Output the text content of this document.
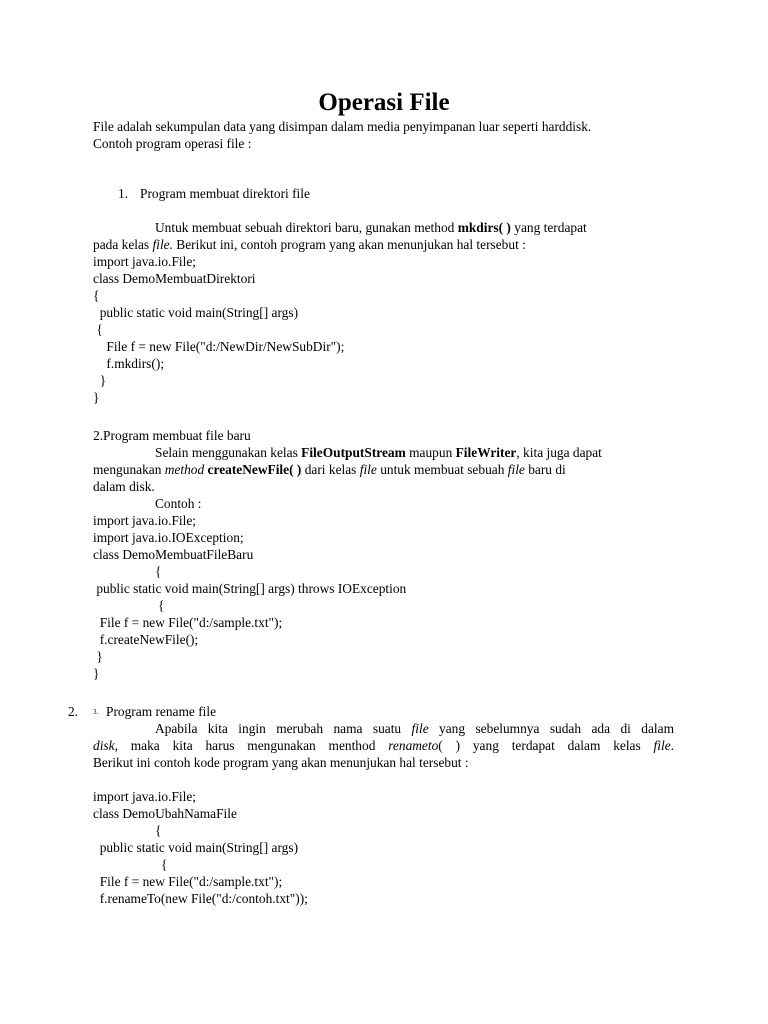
Operasi File
File adalah sekumpulan data yang disimpan dalam media penyimpanan luar seperti harddisk.
Contoh program operasi file :
1. Program membuat direktori file
Untuk membuat sebuah direktori baru, gunakan method mkdirs( ) yang terdapat
pada kelas file. Berikut ini, contoh program yang akan menunjukan hal tersebut :
import java.io.File;
class DemoMembuatDirektori
{
public static void main(String[] args)
{
File f = new File("d:/NewDir/NewSubDir");
f.mkdirs();
}
}
2.Program membuat file baru
Selain menggunakan kelas FileOutputStream maupun FileWriter, kita juga dapat
mengunakan method createNewFile( ) dari kelas file untuk membuat sebuah file baru di
dalam disk.
Contoh :
import java.io.File;
import java.io.IOException;
class DemoMembuatFileBaru
{
public static void main(String[] args) throws IOException
{
File f = new File("d:/sample.txt");
f.createNewFile();
}
}
2. 3. Program rename file
Apabila kita ingin merubah nama suatu file yang sebelumnya sudah ada di dalam
disk, maka kita harus mengunakan menthod renameto( ) yang terdapat dalam kelas file.
Berikut ini contoh kode program yang akan menunjukan hal tersebut :
import java.io.File;
class DemoUbahNamaFile
{
public static void main(String[] args)
{
File f = new File("d:/sample.txt");
f.renameTo(new File("d:/contoh.txt"));
